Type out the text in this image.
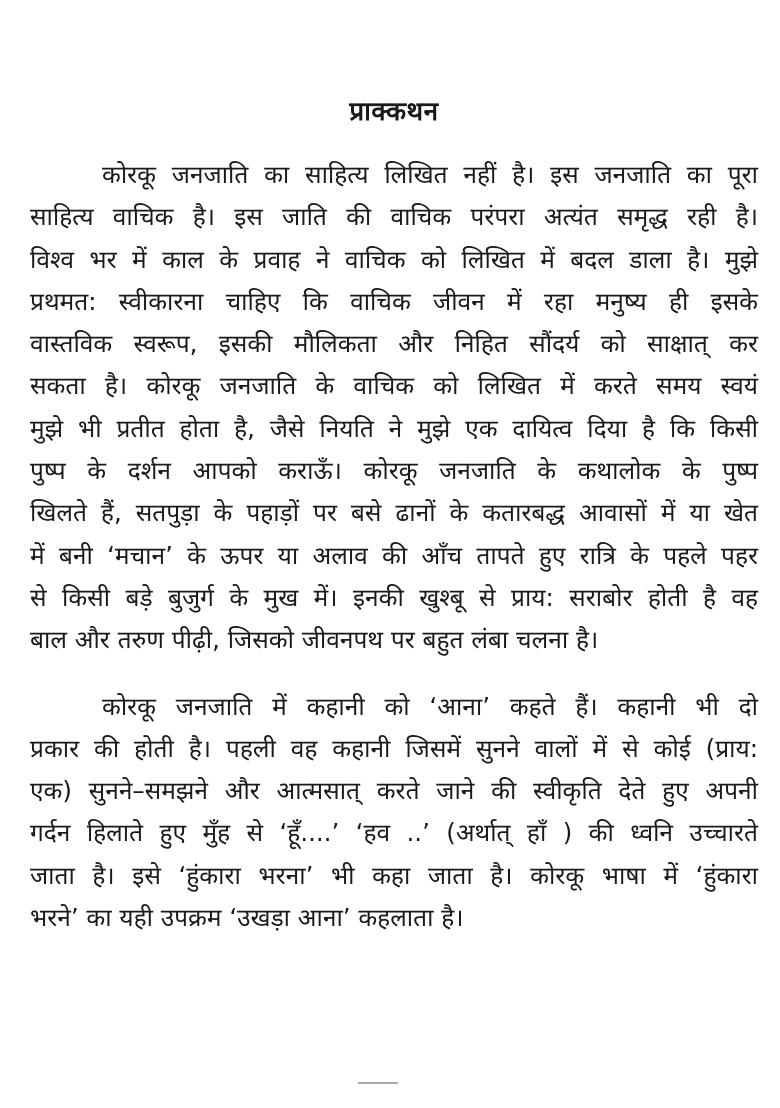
प्राक्कथन

कोरकू जनजाति का साहित्य लिखित नहीं है। इस जनजाति का पूरा
साहित्य वाचिक है। इस जाति की वाचिक परंपरा अत्यंत समृद्ध रही है।
विश्व भर में काल के प्रवाह ने वाचिक को लिखित में बदल डाला है। मुझे
प्रथमत: स्वीकारना चाहिए कि वाचिक जीवन में रहा मनुष्य ही इसके
वास्तविक स्वरूप, इसकी मौलिकता और निहित सौंदर्य को साक्षात् कर
सकता है। कोरकू जनजाति के वाचिक को लिखित में करते समय स्वयं
मुझे भी प्रतीत होता है, जैसे नियति ने मुझे एक दायित्व दिया है कि किसी
पुष्प के दर्शन आपको कराऊँ। कोरकू जनजाति के कथालोक के पुष्प
खिलते हैं, सतपुड़ा के पहाड़ों पर बसे ढानों के कतारबद्ध आवासों में या खेत
में बनी ‘मचान’ के ऊपर या अलाव की आँच तापते हुए रात्रि के पहले पहर
से किसी बड़े बुजुर्ग के मुख में। इनकी खुश्बू से प्राय: सराबोर होती है वह
बाल और तरुण पीढ़ी, जिसको जीवनपथ पर बहुत लंबा चलना है।

कोरकू जनजाति में कहानी को ‘आना’ कहते हैं। कहानी भी दो
प्रकार की होती है। पहली वह कहानी जिसमें सुनने वालों में से कोई (प्राय:
एक) सुनने–समझने और आत्मसात् करते जाने की स्वीकृति देते हुए अपनी
गर्दन हिलाते हुए मुँह से ‘हूँ....’ ‘हव ..’ (अर्थात् हाँ ) की ध्वनि उच्चारते
जाता है। इसे ‘हुंकारा भरना’ भी कहा जाता है। कोरकू भाषा में ‘हुंकारा
भरने’ का यही उपक्रम ‘उखड़ा आना’ कहलाता है।
